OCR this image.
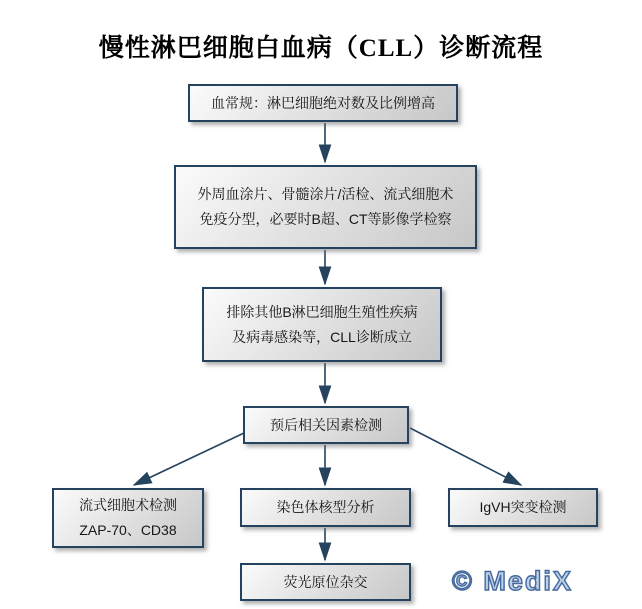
慢性淋巴细胞白血病（CLL）诊断流程
血常规：淋巴细胞绝对数及比例增高
外周血涂片、骨髓涂片/活检、流式细胞术
免疫分型，必要时B超、CT等影像学检察
排除其他B淋巴细胞生殖性疾病
及病毒感染等，CLL诊断成立
预后相关因素检测
流式细胞术检测
ZAP-70、CD38
染色体核型分析	IgVH突变检测
荧光原位杂交	© MediX
